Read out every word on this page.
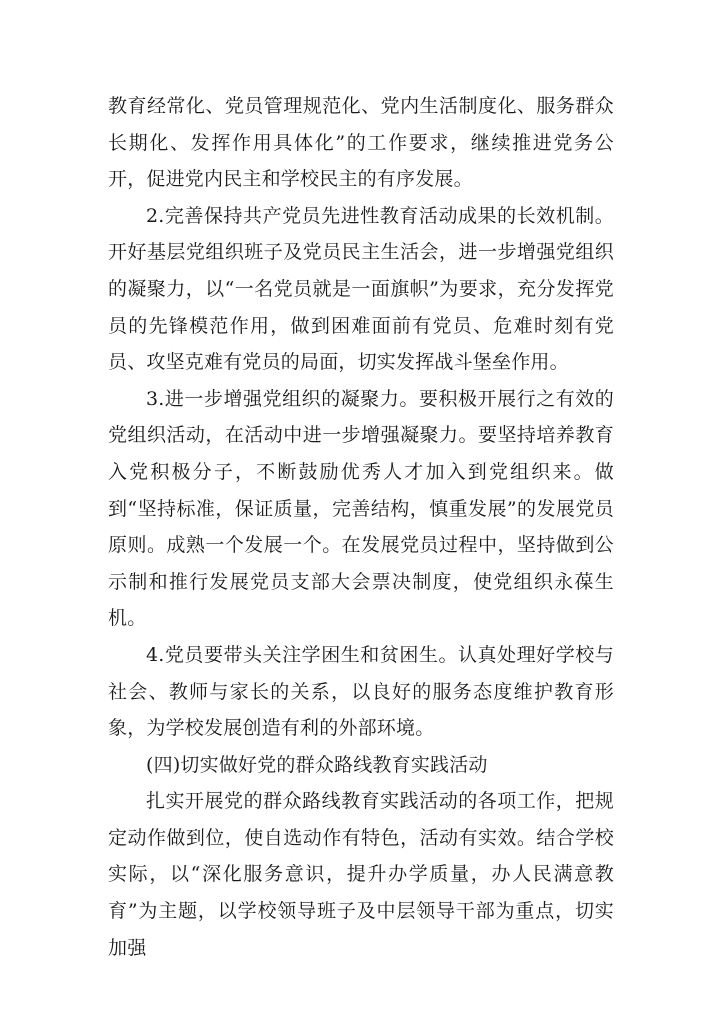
教育经常化、党员管理规范化、党内生活制度化、服务群众长期化、发挥作用具体化”的工作要求，继续推进党务公开，促进党内民主和学校民主的有序发展。

2.完善保持共产党员先进性教育活动成果的长效机制。开好基层党组织班子及党员民主生活会，进一步增强党组织的凝聚力，以“一名党员就是一面旗帜”为要求，充分发挥党员的先锋模范作用，做到困难面前有党员、危难时刻有党员、攻坚克难有党员的局面，切实发挥战斗堡垒作用。

3.进一步增强党组织的凝聚力。要积极开展行之有效的党组织活动，在活动中进一步增强凝聚力。要坚持培养教育入党积极分子，不断鼓励优秀人才加入到党组织来。做到“坚持标准，保证质量，完善结构，慎重发展”的发展党员原则。成熟一个发展一个。在发展党员过程中，坚持做到公示制和推行发展党员支部大会票决制度，使党组织永葆生机。

4.党员要带头关注学困生和贫困生。认真处理好学校与社会、教师与家长的关系，以良好的服务态度维护教育形象，为学校发展创造有利的外部环境。

(四)切实做好党的群众路线教育实践活动

扎实开展党的群众路线教育实践活动的各项工作，把规定动作做到位，使自选动作有特色，活动有实效。结合学校实际，以“深化服务意识，提升办学质量，办人民满意教育”为主题，以学校领导班子及中层领导干部为重点，切实加强
